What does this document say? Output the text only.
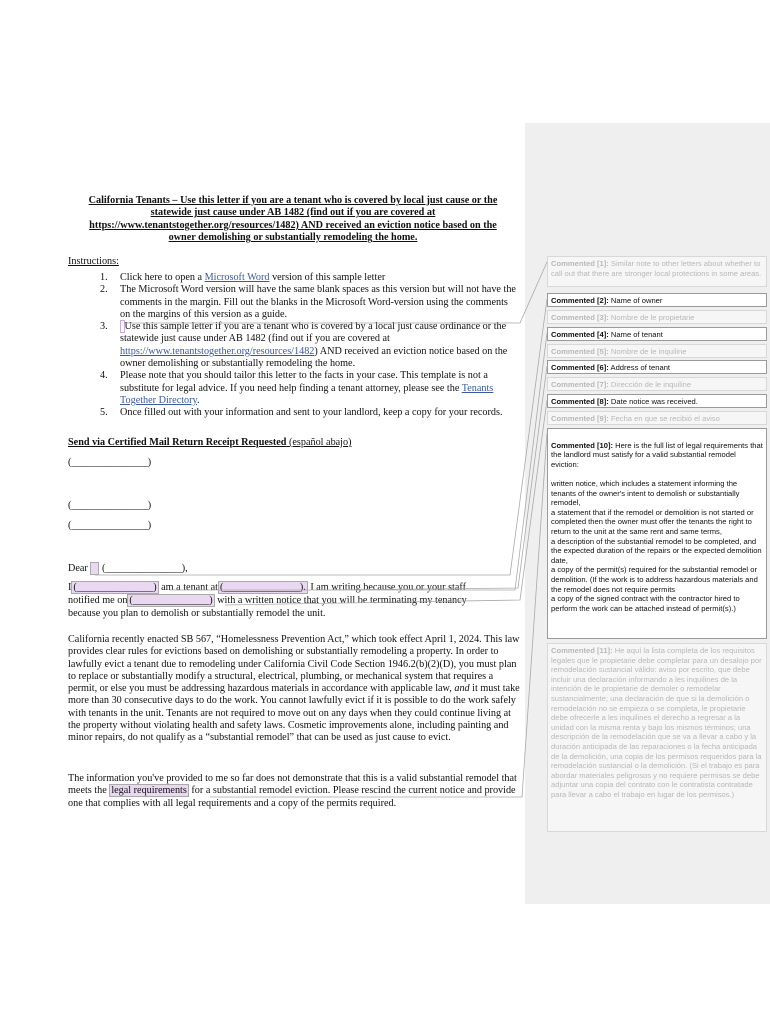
California Tenants – Use this letter if you are a tenant who is covered by local just cause or the
statewide just cause under AB 1482 (find out if you are covered at
https://www.tenantstogether.org/resources/1482) AND received an eviction notice based on the
owner demolishing or substantially remodeling the home.
Instructions:
1. Click here to open a Microsoft Word version of this sample letter
2. The Microsoft Word version will have the same blank spaces as this version but will not have the comments in the margin. Fill out the blanks in the Microsoft Word-version using the comments on the margins of this version as a guide.
3. Use this sample letter if you are a tenant who is covered by a local just cause ordinance or the statewide just cause under AB 1482 (find out if you are covered at https://www.tenantstogether.org/resources/1482) AND received an eviction notice based on the owner demolishing or substantially remodeling the home.
4. Please note that you should tailor this letter to the facts in your case. This template is not a substitute for legal advice. If you need help finding a tenant attorney, please see the Tenants Together Directory.
5. Once filled out with your information and sent to your landlord, keep a copy for your records.
Send via Certified Mail Return Receipt Requested (español abajo)
(_______________)
(_______________)
(_______________)
Dear (_______________),
I (_______________) am a tenant at (_______________). I am writing because you or your staff
notified me on (_______________) with a written notice that you will be terminating my tenancy
because you plan to demolish or substantially remodel the unit.
California recently enacted SB 567, “Homelessness Prevention Act,” which took effect April 1, 2024. This law provides clear rules for evictions based on demolishing or substantially remodeling a property. In order to lawfully evict a tenant due to remodeling under California Civil Code Section 1946.2(b)(2)(D), you must plan to replace or substantially modify a structural, electrical, plumbing, or mechanical system that requires a permit, or else you must be addressing hazardous materials in accordance with applicable law, and it must take more than 30 consecutive days to do the work. You cannot lawfully evict if it is possible to do the work safely with tenants in the unit. Tenants are not required to move out on any days when they could continue living at the property without violating health and safety laws. Cosmetic improvements alone, including painting and minor repairs, do not qualify as a “substantial remodel” that can be used as just cause to evict.
The information you've provided to me so far does not demonstrate that this is a valid substantial remodel that meets the legal requirements for a substantial remodel eviction. Please rescind the current notice and provide one that complies with all legal requirements and a copy of the permits required.
Commented [1]: Similar note to other letters about whether to call out that there are stronger local protections in some areas.
Commented [2]: Name of owner
Commented [3]: Nombre de le propietarie
Commented [4]: Name of tenant
Commented [5]: Nombre de le inquiline
Commented [6]: Address of tenant
Commented [7]: Dirección de le inquiline
Commented [8]: Date notice was received.
Commented [9]: Fecha en que se recibió el aviso

Commented [10]: Here is the full list of legal requirements that the landlord must satisfy for a valid substantial remodel eviction:

written notice, which includes a statement informing the tenants of the owner's intent to demolish or substantially remodel,
a statement that if the remodel or demolition is not started or completed then the owner must offer the tenants the right to return to the unit at the same rent and same terms,
a description of the substantial remodel to be completed, and the expected duration of the repairs or the expected demolition date,
a copy of the permit(s) required for the substantial remodel or demolition. (If the work is to address hazardous materials and the remodel does not require permits
a copy of the signed contract with the contractor hired to perform the work can be attached instead of permit(s).)

Commented [11]: He aquí la lista completa de los requisitos legales que le propietarie debe completar para un desalojo por remodelación sustancial válido: aviso por escrito, que debe incluir una declaración informando a les inquilines de la intención de le propietarie de demoler o remodelar sustancialmente; una declaración de que si la demolición o remodelación no se empieza o se completa, le propietarie debe ofrecerle a les inquilines el derecho a regresar a la unidad con la misma renta y bajo los mismos términos; una descripción de la remodelación que se va a llevar a cabo y la duración anticipada de las reparaciones o la fecha anticipada de la demolición, una copia de los permisos requeridos para la remodelación sustancial o la demolición. (Si el trabajo es para abordar materiales peligrosos y no requiere permisos se debe adjuntar una copia del contrato con le contratista contratade para llevar a cabo el trabajo en lugar de los permisos.)
